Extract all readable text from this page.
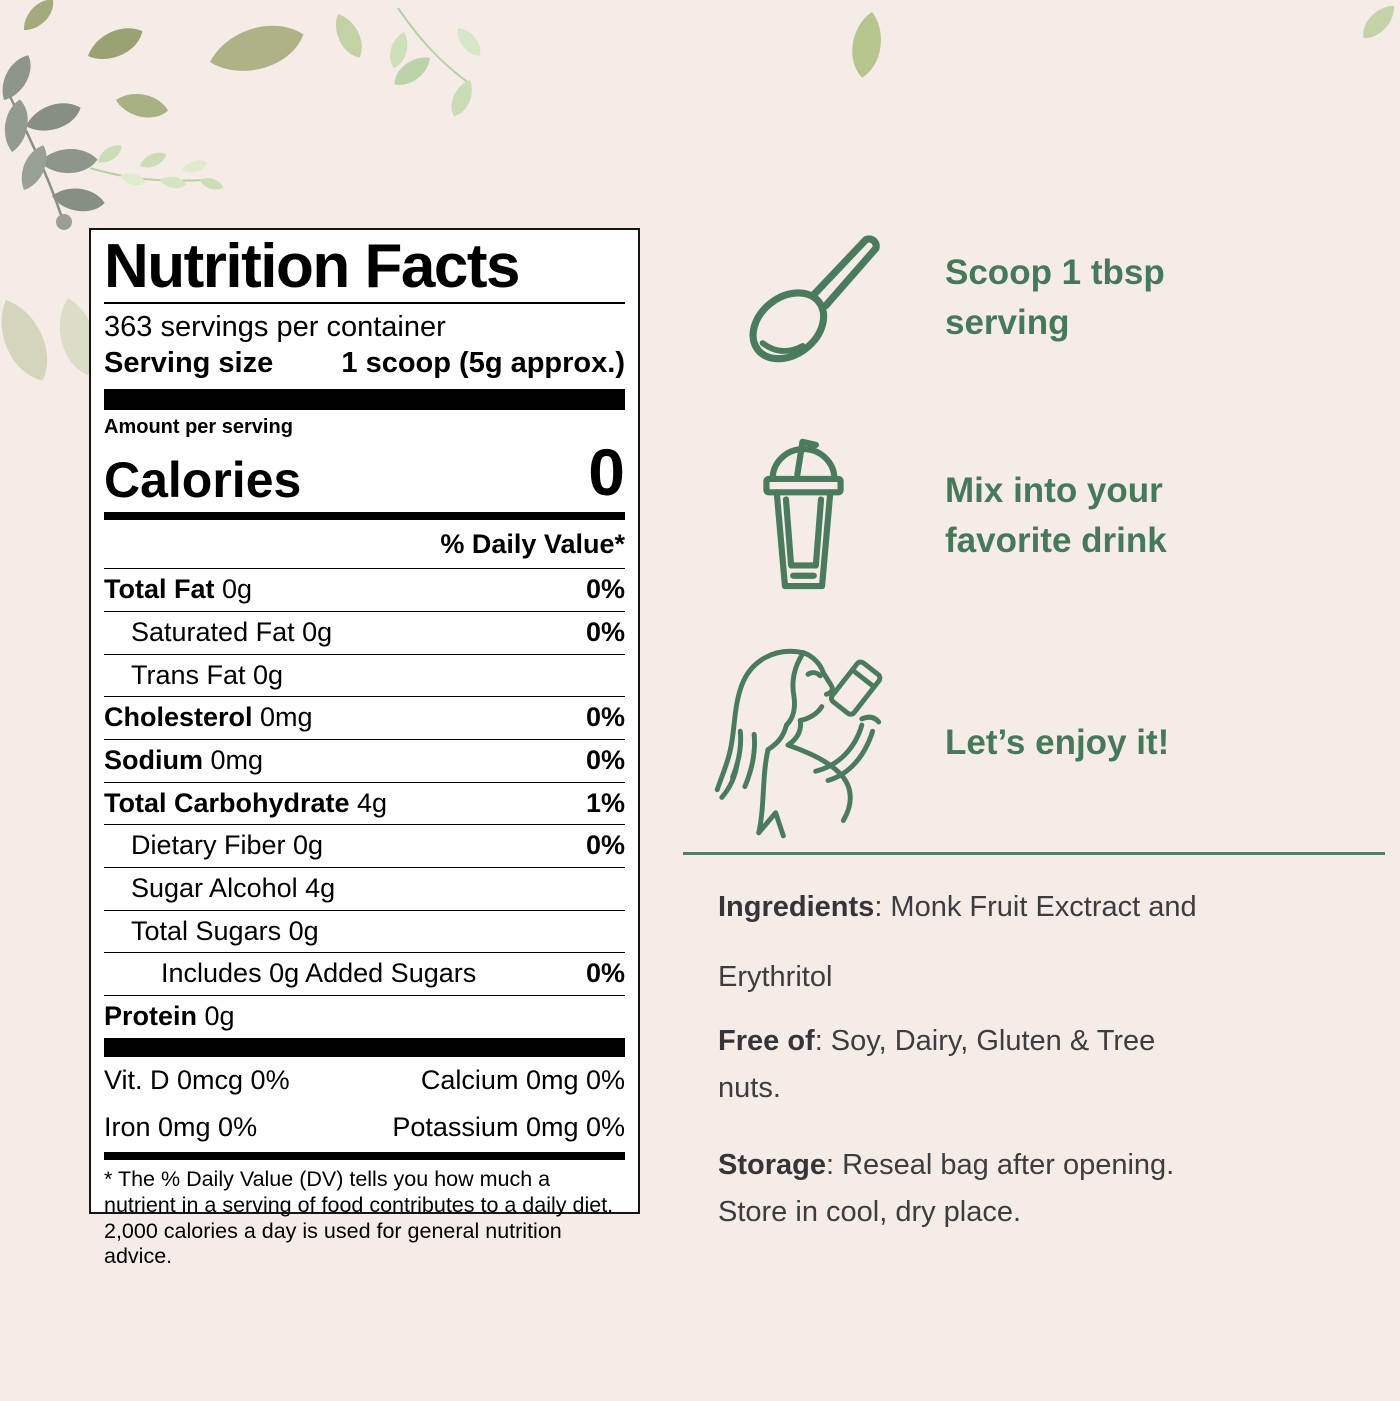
Nutrition Facts
363 servings per container
Serving size 1 scoop (5g approx.)
Amount per serving
Calories	0
% Daily Value*
Total Fat 0g	0%
Saturated Fat 0g	0%
Trans Fat 0g
Cholesterol 0mg	0%
Sodium 0mg	0%
Total Carbohydrate 4g	1%
Dietary Fiber 0g	0%
Sugar Alcohol 4g
Total Sugars 0g
Includes 0g Added Sugars	0%
Protein 0g
Vit. D 0mcg 0%	Calcium 0mg 0%
Iron 0mg 0%	Potassium 0mg 0%
* The % Daily Value (DV) tells you how much a nutrient in a serving of food contributes to a daily diet. 2,000 calories a day is used for general nutrition advice.
Scoop 1 tbsp
serving
Mix into your
favorite drink
Let’s enjoy it!

Ingredients: Monk Fruit Exctract and Erythritol

Free of: Soy, Dairy, Gluten & Tree nuts.

Storage: Reseal bag after opening. Store in cool, dry place.
